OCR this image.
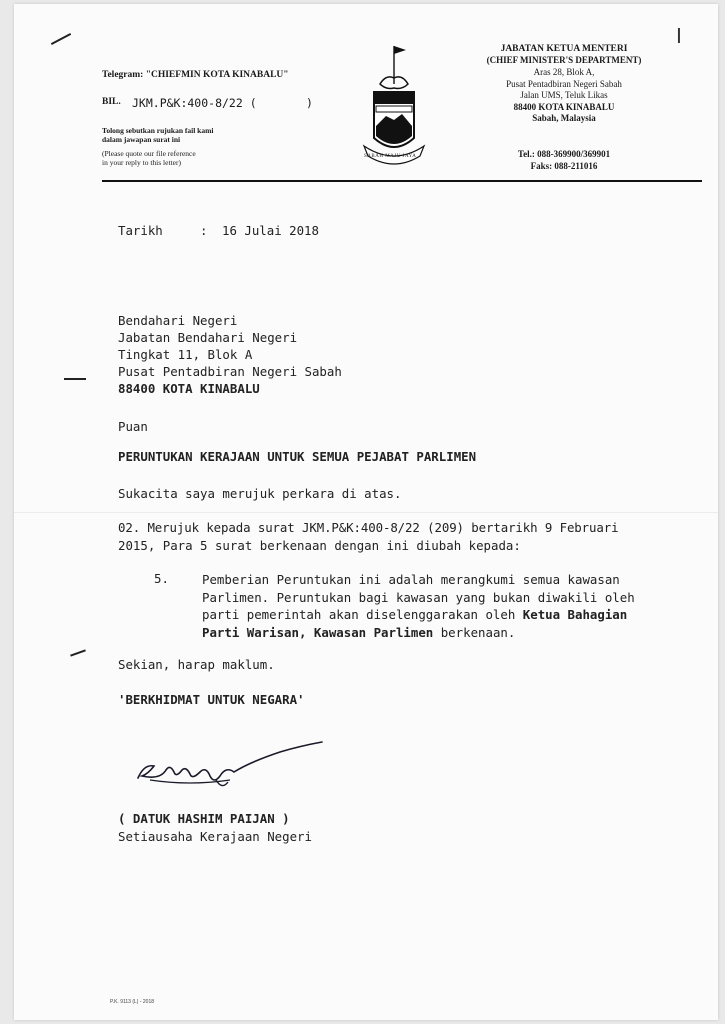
Telegram: "CHIEFMIN KOTA KINABALU"
BIL. JKM.P&K:400-8/22 (	)
Tolong sebutkan rujukan fail kami
dalam jawapan surat ini
(Please quote our file reference
in your reply to this letter)
SABAH MAJU JAYA
JABATAN KETUA MENTERI
(CHIEF MINISTER'S DEPARTMENT)
Aras 28, Blok A,
Pusat Pentadbiran Negeri Sabah
Jalan UMS, Teluk Likas
88400 KOTA KINABALU
Sabah, Malaysia
Tel.: 088-369900/369901
Faks: 088-211016
I
Tarikh	: 16 Julai 2018
Bendahari Negeri
Jabatan Bendahari Negeri
Tingkat 11, Blok A
Pusat Pentadbiran Negeri Sabah
88400 KOTA KINABALU
Puan
PERUNTUKAN KERAJAAN UNTUK SEMUA PEJABAT PARLIMEN
Sukacita saya merujuk perkara di atas.
02. Merujuk kepada surat JKM.P&K:400-8/22 (209) bertarikh 9 Februari
2015, Para 5 surat berkenaan dengan ini diubah kepada:
5.	Pemberian Peruntukan ini adalah merangkumi semua kawasan
Parlimen. Peruntukan bagi kawasan yang bukan diwakili oleh
parti pemerintah akan diselenggarakan oleh Ketua Bahagian
Parti Warisan, Kawasan Parlimen berkenaan.
Sekian, harap maklum.
'BERKHIDMAT UNTUK NEGARA'
( DATUK HASHIM PAIJAN )
Setiausaha Kerajaan Negeri
P.K. 9113 (L) - 2018
